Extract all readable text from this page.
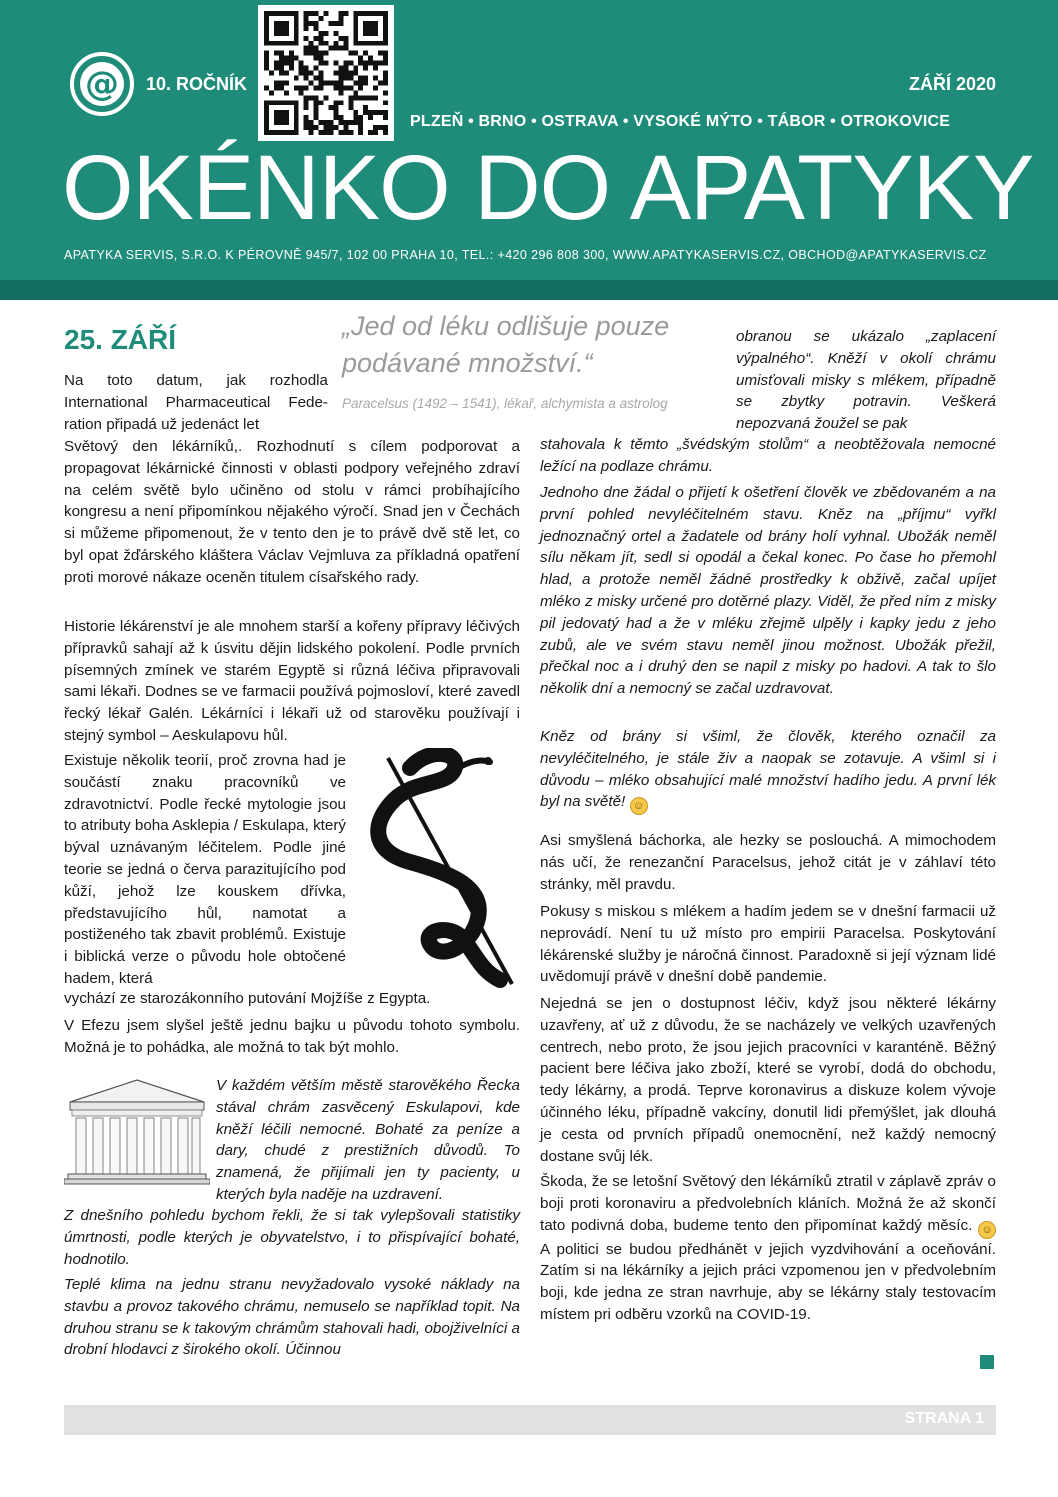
@ 10. ROČNÍK	ZÁŘÍ 2020
PLZEŇ • BRNO • OSTRAVA • VYSOKÉ MÝTO • TÁBOR • OTROKOVICE
OKÉNKO DO APATYKY
APATYKA SERVIS, S.R.O. K PÉROVNĚ 945/7, 102 00 PRAHA 10, TEL.: +420 296 808 300, WWW.APATYKASERVIS.CZ, OBCHOD@APATYKASERVIS.CZ
25. ZÁŘÍ
Na toto datum, jak rozhodla International Pharmaceutical Fede-ration připadá už jedenáct let
Světový den lékárníků,. Rozhodnutí s cílem podporovat a propagovat lékárnické činnosti v oblasti podpory veřejného zdraví na celém světě bylo učiněno od stolu v rámci probíhajícího kongresu a není připomínkou nějakého výročí. Snad jen v Čechách si můžeme připomenout, že v tento den je to právě dvě stě let, co byl opat žďárského kláštera Václav Vejmluva za příkladná opatření proti morové nákaze oceněn titulem císařského rady.
Historie lékárenství je ale mnohem starší a kořeny přípravy léčivých přípravků sahají až k úsvitu dějin lidského pokolení. Podle prvních písemných zmínek ve starém Egyptě si různá léčiva připravovali sami lékaři. Dodnes se ve farmacii používá pojmosloví, které zavedl řecký lékař Galén. Lékárníci i lékaři už od starověku používají i stejný symbol – Aeskulapovu hůl.
Existuje několik teorií, proč zrovna had je součástí znaku pracovníků ve zdravotnictví. Podle řecké mytologie jsou to atributy boha Asklepia / Eskulapa, který býval uznávaným léčitelem. Podle jiné teorie se jedná o červa parazitujícího pod kůží, jehož lze kouskem dřívka, představujícího hůl, namotat a postiženého tak zbavit problémů. Existuje i biblická verze o původu hole obtočené hadem, která
vychází ze starozákonního putování Mojžíše z Egypta.
V Efezu jsem slyšel ještě jednu bajku u původu tohoto symbolu. Možná je to pohádka, ale možná to tak být mohlo.
V každém větším městě starověkého Řecka stával chrám zasvěcený Eskulapovi, kde kněží léčili nemocné. Bohaté za peníze a dary, chudé z prestižních důvodů. To znamená, že přijímali jen ty pacienty, u kterých byla naděje na uzdravení.
Z dnešního pohledu bychom řekli, že si tak vylepšovali statistiky úmrtnosti, podle kterých je obyvatelstvo, i to přispívající bohaté, hodnotilo.
Teplé klima na jednu stranu nevyžadovalo vysoké náklady na stavbu a provoz takového chrámu, nemuselo se například topit. Na druhou stranu se k takovým chrámům stahovali hadi, obojživelníci a drobní hlodavci z širokého okolí. Účinnou
„Jed od léku odlišuje pouze podávané množství.“
Paracelsus (1492 – 1541), lékař, alchymista a astrolog
obranou se ukázalo „zaplacení výpalného“. Kněží v okolí chrámu umisťovali misky s mlékem, případně se zbytky potravin. Veškerá nepozvaná žoužel se pak
stahovala k těmto „švédským stolům“ a neobtěžovala nemocné ležící na podlaze chrámu.
Jednoho dne žádal o přijetí k ošetření člověk ve zbědovaném a na první pohled nevyléčitelném stavu. Kněz na „příjmu“ vyřkl jednoznačný ortel a žadatele od brány holí vyhnal. Ubožák neměl sílu někam jít, sedl si opodál a čekal konec. Po čase ho přemohl hlad, a protože neměl žádné prostředky k obživě, začal upíjet mléko z misky určené pro dotěrné plazy. Viděl, že před ním z misky pil jedovatý had a že v mléku zřejmě ulpěly i kapky jedu z jeho zubů, ale ve svém stavu neměl jinou možnost. Ubožák přežil, přečkal noc a i druhý den se napil z misky po hadovi. A tak to šlo několik dní a nemocný se začal uzdravovat.
Kněz od brány si všiml, že člověk, kterého označil za nevyléčitelného, je stále živ a naopak se zotavuje. A všiml si i důvodu – mléko obsahující malé množství hadího jedu. A první lék byl na světě! ☺
Asi smyšlená báchorka, ale hezky se poslouchá. A mimochodem nás učí, že renezanční Paracelsus, jehož citát je v záhlaví této stránky, měl pravdu.
Pokusy s miskou s mlékem a hadím jedem se v dnešní farmacii už neprovádí. Není tu už místo pro empirii Paracelsa. Poskytování lékárenské služby je náročná činnost. Paradoxně si její význam lidé uvědomují právě v dnešní době pandemie.
Nejedná se jen o dostupnost léčiv, když jsou některé lékárny uzavřeny, ať už z důvodu, že se nacházely ve velkých uzavřených centrech, nebo proto, že jsou jejich pracovníci v karanténě. Běžný pacient bere léčiva jako zboží, které se vyrobí, dodá do obchodu, tedy lékárny, a prodá. Teprve koronavirus a diskuze kolem vývoje účinného léku, případně vakcíny, donutil lidi přemýšlet, jak dlouhá je cesta od prvních případů onemocnění, než každý nemocný dostane svůj lék.
Škoda, že se letošní Světový den lékárníků ztratil v záplavě zpráv o boji proti koronaviru a předvolebních kláních. Možná že až skončí tato podivná doba, budeme tento den připomínat každý měsíc. ☺ A politici se budou předhánět v jejich vyzdvihování a oceňování. Zatím si na lékárníky a jejich práci vzpomenou jen v předvolebním boji, kde jedna ze stran navrhuje, aby se lékárny staly testovacím místem pri odběru vzorků na COVID-19.
STRANA 1
